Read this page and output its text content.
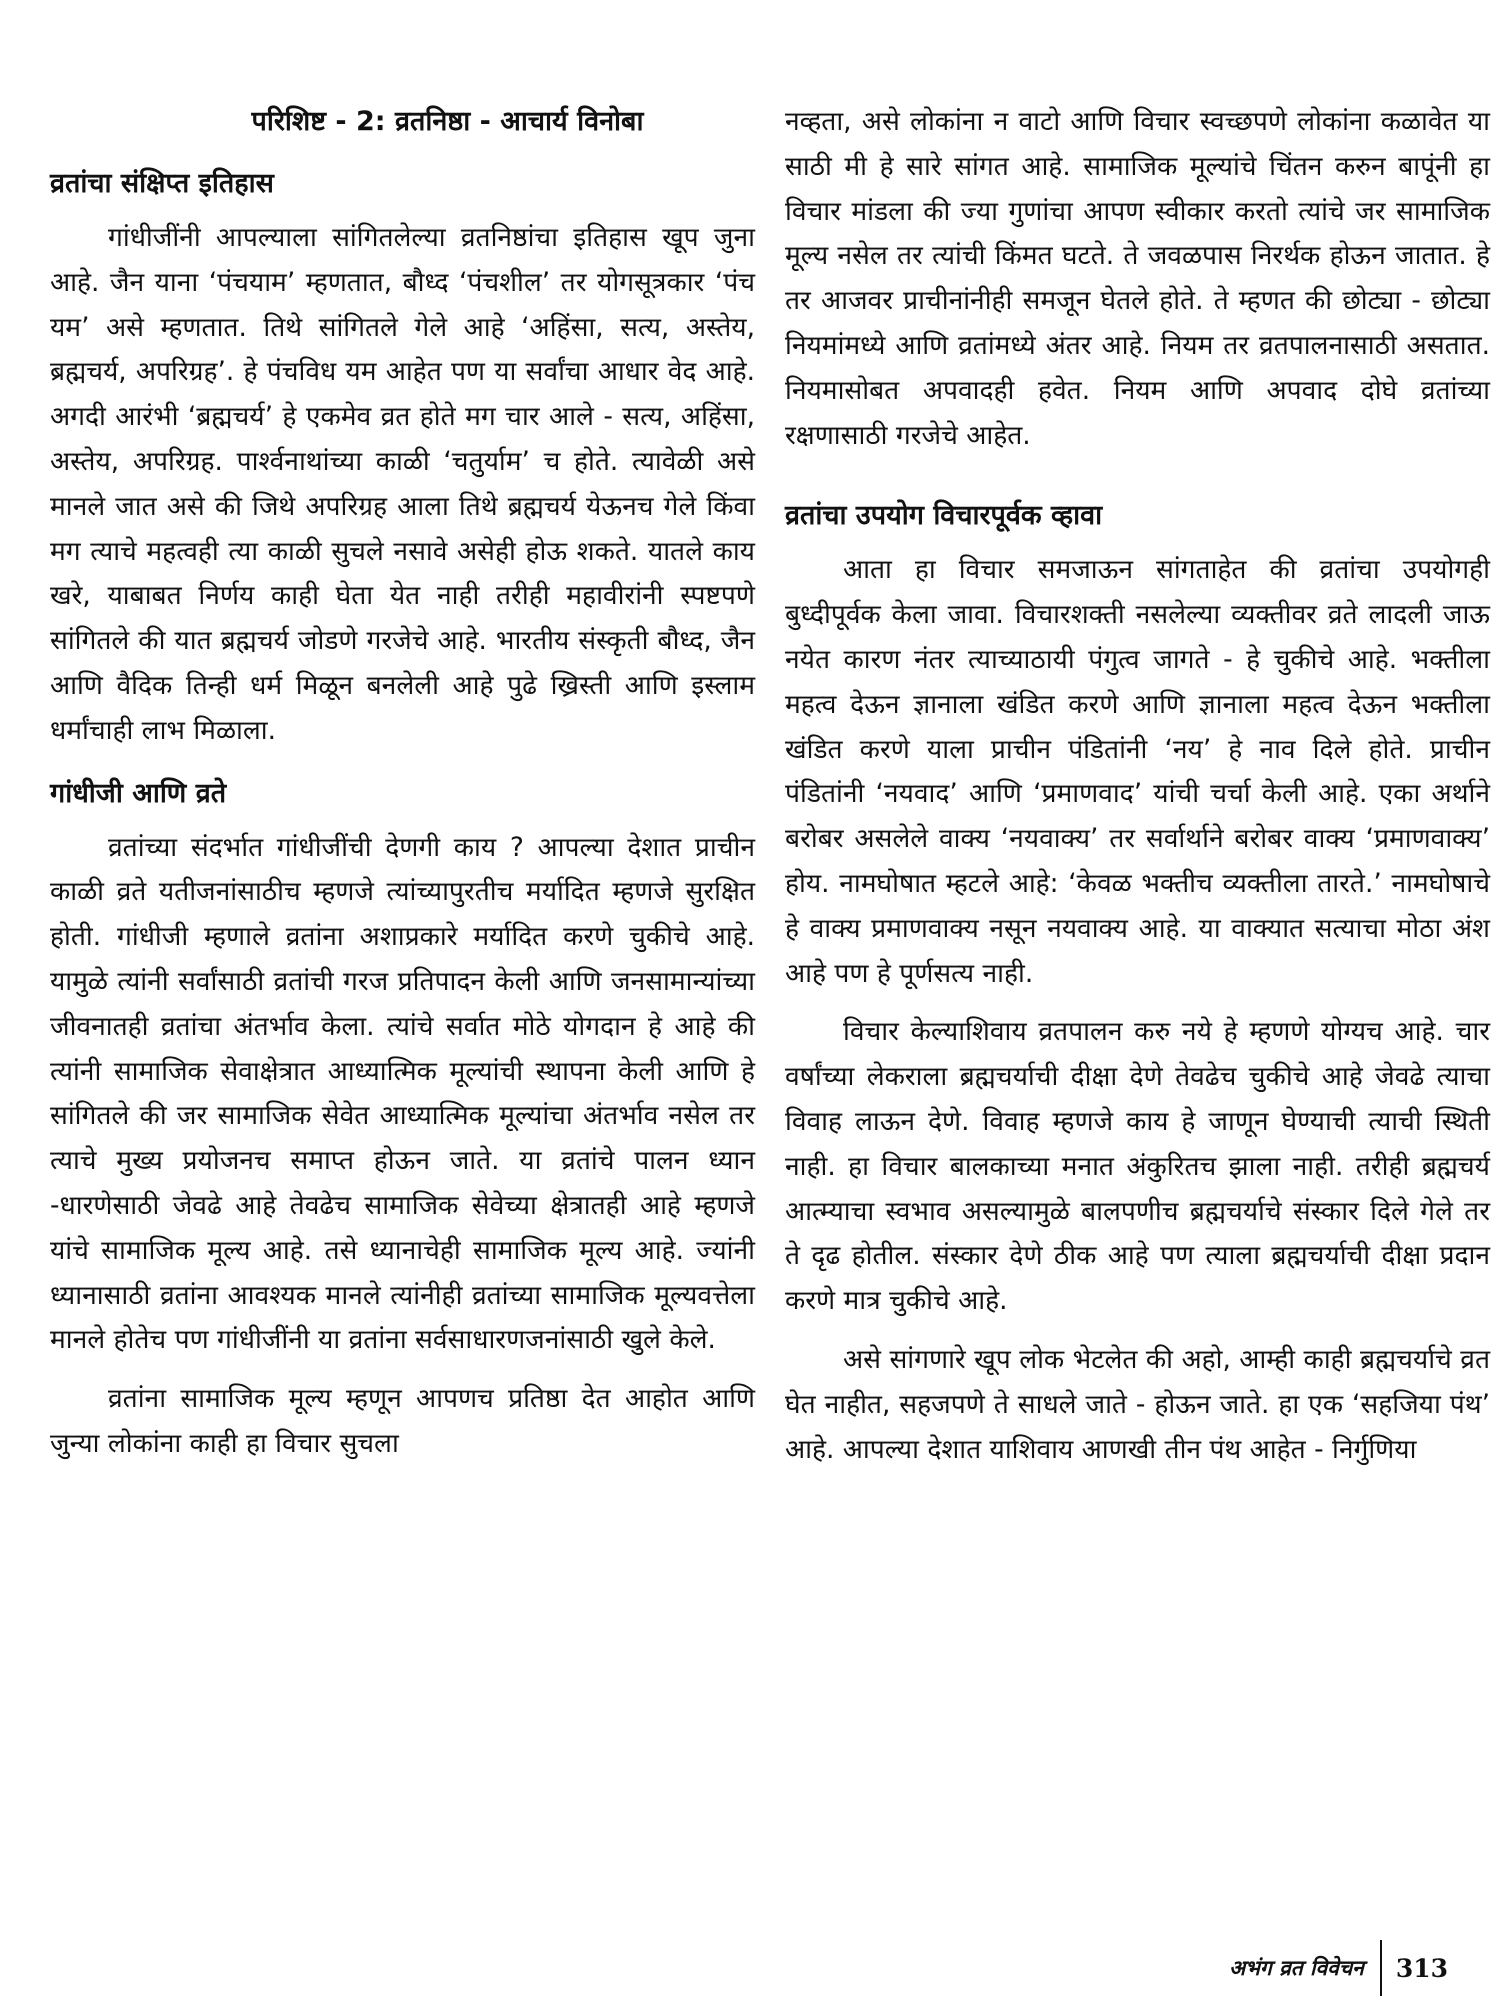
परिशिष्ट - 2: व्रतनिष्ठा - आचार्य विनोबा
व्रतांचा संक्षिप्त इतिहास

गांधीजींनी आपल्याला सांगितलेल्या व्रतनिष्ठांचा इतिहास खूप जुना आहे. जैन याना ‘पंचयाम’ म्हणतात, बौध्द ‘पंचशील’ तर योगसूत्रकार ‘पंच यम’ असे म्हणतात. तिथे सांगितले गेले आहे ‘अहिंसा, सत्य, अस्तेय, ब्रह्मचर्य, अपरिग्रह’. हे पंचविध यम आहेत पण या सर्वांचा आधार वेद आहे. अगदी आरंभी ‘ब्रह्मचर्य’ हे एकमेव व्रत होते मग चार आले - सत्य, अहिंसा, अस्तेय, अपरिग्रह. पार्श्वनाथांच्या काळी ‘चतुर्याम’ च होते. त्यावेळी असे मानले जात असे की जिथे अपरिग्रह आला तिथे ब्रह्मचर्य येऊनच गेले किंवा मग त्याचे महत्वही त्या काळी सुचले नसावे असेही होऊ शकते. यातले काय खरे, याबाबत निर्णय काही घेता येत नाही तरीही महावीरांनी स्पष्टपणे सांगितले की यात ब्रह्मचर्य जोडणे गरजेचे आहे. भारतीय संस्कृती बौध्द, जैन आणि वैदिक तिन्ही धर्म मिळून बनलेली आहे पुढे ख्रिस्ती आणि इस्लाम धर्मांचाही लाभ मिळाला.

गांधीजी आणि व्रते

व्रतांच्या संदर्भात गांधीजींची देणगी काय ? आपल्या देशात प्राचीन काळी व्रते यतीजनांसाठीच म्हणजे त्यांच्यापुरतीच मर्यादित म्हणजे सुरक्षित होती. गांधीजी म्हणाले व्रतांना अशाप्रकारे मर्यादित करणे चुकीचे आहे. यामुळे त्यांनी सर्वांसाठी व्रतांची गरज प्रतिपादन केली आणि जनसामान्यांच्या जीवनातही व्रतांचा अंतर्भाव केला. त्यांचे सर्वात मोठे योगदान हे आहे की त्यांनी सामाजिक सेवाक्षेत्रात आध्यात्मिक मूल्यांची स्थापना केली आणि हे सांगितले की जर सामाजिक सेवेत आध्यात्मिक मूल्यांचा अंतर्भाव नसेल तर त्याचे मुख्य प्रयोजनच समाप्त होऊन जाते. या व्रतांचे पालन ध्यान -धारणेसाठी जेवढे आहे तेवढेच सामाजिक सेवेच्या क्षेत्रातही आहे म्हणजे यांचे सामाजिक मूल्य आहे. तसे ध्यानाचेही सामाजिक मूल्य आहे. ज्यांनी ध्यानासाठी व्रतांना आवश्यक मानले त्यांनीही व्रतांच्या सामाजिक मूल्यवत्तेला मानले होतेच पण गांधीजींनी या व्रतांना सर्वसाधारणजनांसाठी खुले केले.

व्रतांना सामाजिक मूल्य म्हणून आपणच प्रतिष्ठा देत आहोत आणि जुन्या लोकांना काही हा विचार सुचला

नव्हता, असे लोकांना न वाटो आणि विचार स्वच्छपणे लोकांना कळावेत या साठी मी हे सारे सांगत आहे. सामाजिक मूल्यांचे चिंतन करुन बापूंनी हा विचार मांडला की ज्या गुणांचा आपण स्वीकार करतो त्यांचे जर सामाजिक मूल्य नसेल तर त्यांची किंमत घटते. ते जवळपास निरर्थक होऊन जातात. हे तर आजवर प्राचीनांनीही समजून घेतले होते. ते म्हणत की छोट्या - छोट्या नियमांमध्ये आणि व्रतांमध्ये अंतर आहे. नियम तर व्रतपालनासाठी असतात. नियमासोबत अपवादही हवेत. नियम आणि अपवाद दोघे व्रतांच्या रक्षणासाठी गरजेचे आहेत.

व्रतांचा उपयोग विचारपूर्वक व्हावा

आता हा विचार समजाऊन सांगताहेत की व्रतांचा उपयोगही बुध्दीपूर्वक केला जावा. विचारशक्ती नसलेल्या व्यक्तीवर व्रते लादली जाऊ नयेत कारण नंतर त्याच्याठायी पंगुत्व जागते - हे चुकीचे आहे. भक्तीला महत्व देऊन ज्ञानाला खंडित करणे आणि ज्ञानाला महत्व देऊन भक्तीला खंडित करणे याला प्राचीन पंडितांनी ‘नय’ हे नाव दिले होते. प्राचीन पंडितांनी ‘नयवाद’ आणि ‘प्रमाणवाद’ यांची चर्चा केली आहे. एका अर्थाने बरोबर असलेले वाक्य ‘नयवाक्य’ तर सर्वार्थाने बरोबर वाक्य ‘प्रमाणवाक्य’ होय. नामघोषात म्हटले आहे: ‘केवळ भक्तीच व्यक्तीला तारते.’ नामघोषाचे हे वाक्य प्रमाणवाक्य नसून नयवाक्य आहे. या वाक्यात सत्याचा मोठा अंश आहे पण हे पूर्णसत्य नाही.

विचार केल्याशिवाय व्रतपालन करु नये हे म्हणणे योग्यच आहे. चार वर्षांच्या लेकराला ब्रह्मचर्याची दीक्षा देणे तेवढेच चुकीचे आहे जेवढे त्याचा विवाह लाऊन देणे. विवाह म्हणजे काय हे जाणून घेण्याची त्याची स्थिती नाही. हा विचार बालकाच्या मनात अंकुरितच झाला नाही. तरीही ब्रह्मचर्य आत्म्याचा स्वभाव असल्यामुळे बालपणीच ब्रह्मचर्याचे संस्कार दिले गेले तर ते दृढ होतील. संस्कार देणे ठीक आहे पण त्याला ब्रह्मचर्याची दीक्षा प्रदान करणे मात्र चुकीचे आहे.

असे सांगणारे खूप लोक भेटलेत की अहो, आम्ही काही ब्रह्मचर्याचे व्रत घेत नाहीत, सहजपणे ते साधले जाते - होऊन जाते. हा एक ‘सहजिया पंथ’ आहे. आपल्या देशात याशिवाय आणखी तीन पंथ आहेत - निर्गुणिया

अभंग व्रत विवेचन	313
